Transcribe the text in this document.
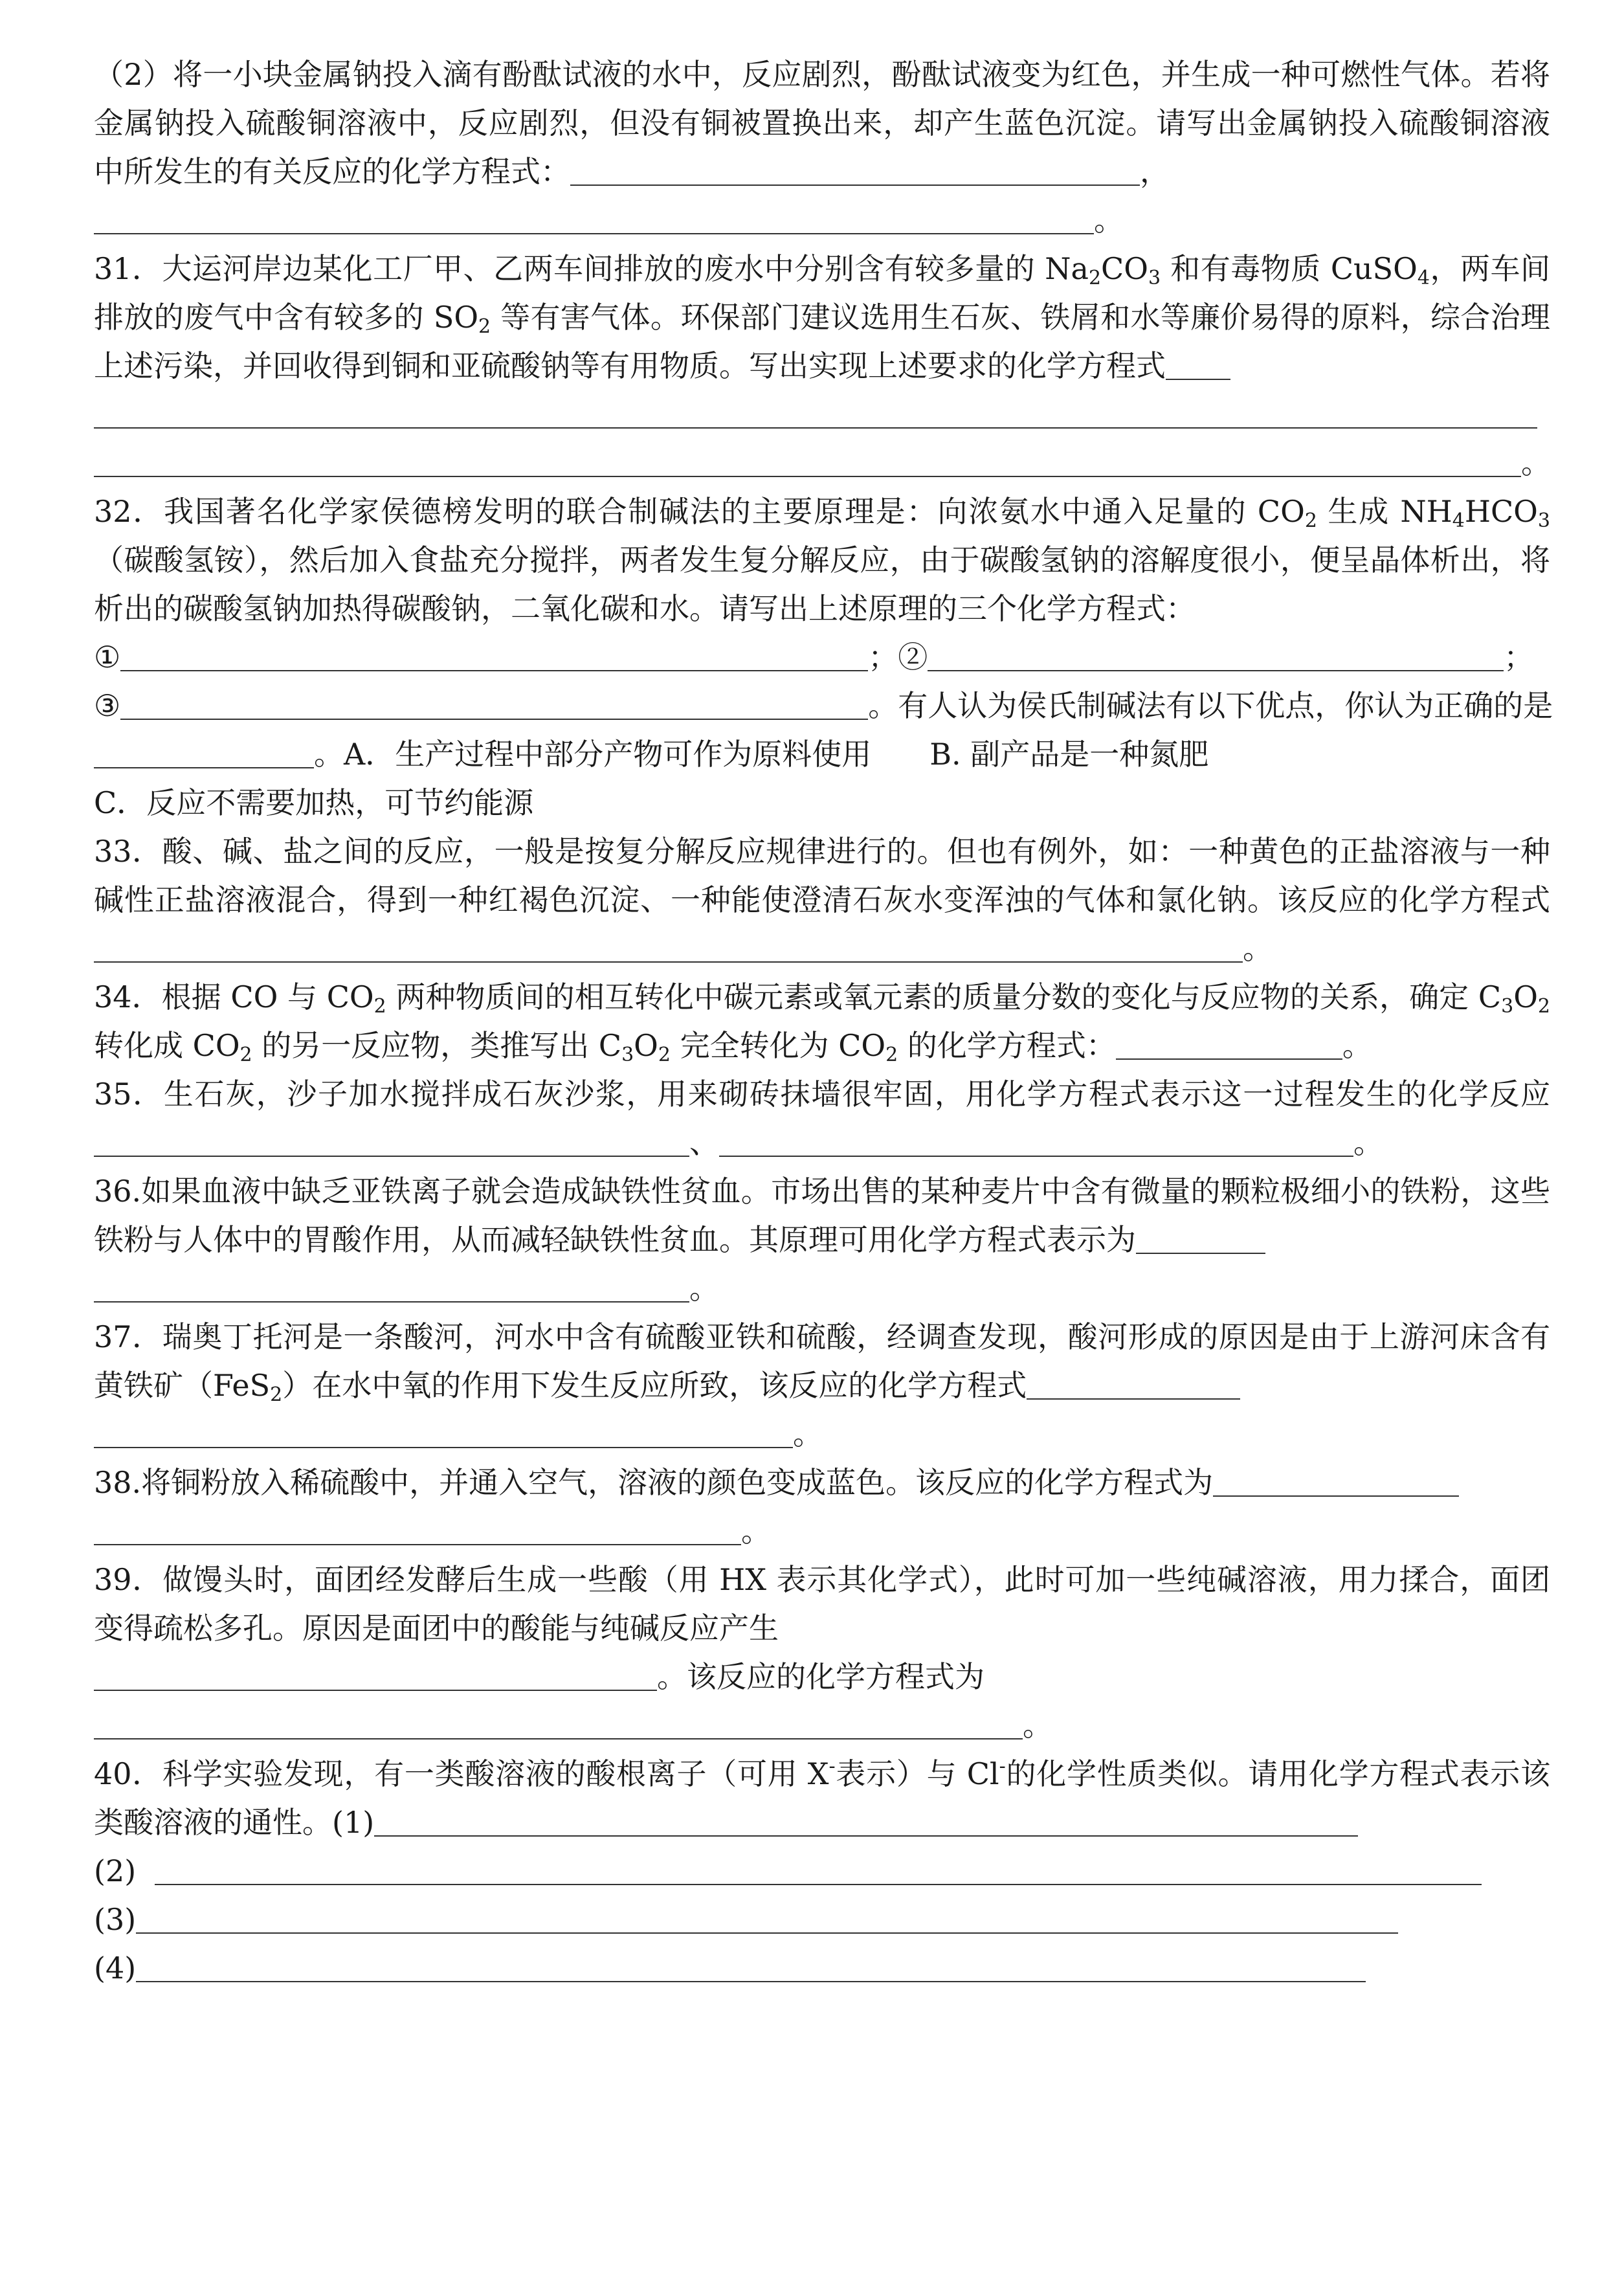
（2）将一小块金属钠投入滴有酚酞试液的水中，反应剧烈，酚酞试液变为红色，并生成一种可燃性气体。若将金属钠投入硫酸铜溶液中，反应剧烈，但没有铜被置换出来，却产生蓝色沉淀。请写出金属钠投入硫酸铜溶液中所发生的有关反应的化学方程式：	，
。

31．大运河岸边某化工厂甲、乙两车间排放的废水中分别含有较多量的 $Na_2CO_3$ 和有毒物质 CuSO$_4$，两车间排放的废气中含有较多的 $SO_2$ 等有害气体。环保部门建议选用生石灰、铁屑和水等廉价易得的原料，综合治理上述污染，并回收得到铜和亚硫酸钠等有用物质。写出实现上述要求的化学方程式
。

32．我国著名化学家侯德榜发明的联合制碱法的主要原理是：向浓氨水中通入足量的 $CO_2$ 生成 $NH_4HCO_3$（碳酸氢铵），然后加入食盐充分搅拌，两者发生复分解反应，由于碳酸氢钠的溶解度很小，便呈晶体析出，将析出的碳酸氢钠加热得碳酸钠，二氧化碳和水。请写出上述原理的三个化学方程式：
①	；②	；
③	。有人认为侯氏制碱法有以下优点，你认为正确的是
。A．生产过程中部分产物可作为原料使用 B. 副产品是一种氮肥
C．反应不需要加热，可节约能源

33．酸、碱、盐之间的反应，一般是按复分解反应规律进行的。但也有例外，如：一种黄色的正盐溶液与一种碱性正盐溶液混合，得到一种红褐色沉淀、一种能使澄清石灰水变浑浊的气体和氯化钠。该反应的化学方程式。

34．根据 CO 与 $CO_2$ 两种物质间的相互转化中碳元素或氧元素的质量分数的变化与反应物的关系，确定 $C_3O_2$ 转化成 $CO_2$ 的另一反应物，类推写出 $C_3O_2$ 完全转化为 $CO_2$ 的化学方程式：	。

35．生石灰，沙子加水搅拌成石灰沙浆，用来砌砖抹墙很牢固，用化学方程式表示这一过程发生的化学反应、	。

36.如果血液中缺乏亚铁离子就会造成缺铁性贫血。市场出售的某种麦片中含有微量的颗粒极细小的铁粉，这些铁粉与人体中的胃酸作用，从而减轻缺铁性贫血。其原理可用化学方程式表示为
。

37．瑞奥丁托河是一条酸河，河水中含有硫酸亚铁和硫酸，经调查发现，酸河形成的原因是由于上游河床含有黄铁矿（FeS$_2$）在水中氧的作用下发生反应所致，该反应的化学方程式
。

38.将铜粉放入稀硫酸中，并通入空气，溶液的颜色变成蓝色。该反应的化学方程式为
。

39．做馒头时，面团经发酵后生成一些酸（用 HX 表示其化学式），此时可加一些纯碱溶液，用力揉合，面团变得疏松多孔。原因是面团中的酸能与纯碱反应产生
。该反应的化学方程式为
。

40．科学实验发现，有一类酸溶液的酸根离子（可用 X-表示）与 Cl-的化学性质类似。请用化学方程式表示该类酸溶液的通性。(1)
(2)
(3)
(4)
